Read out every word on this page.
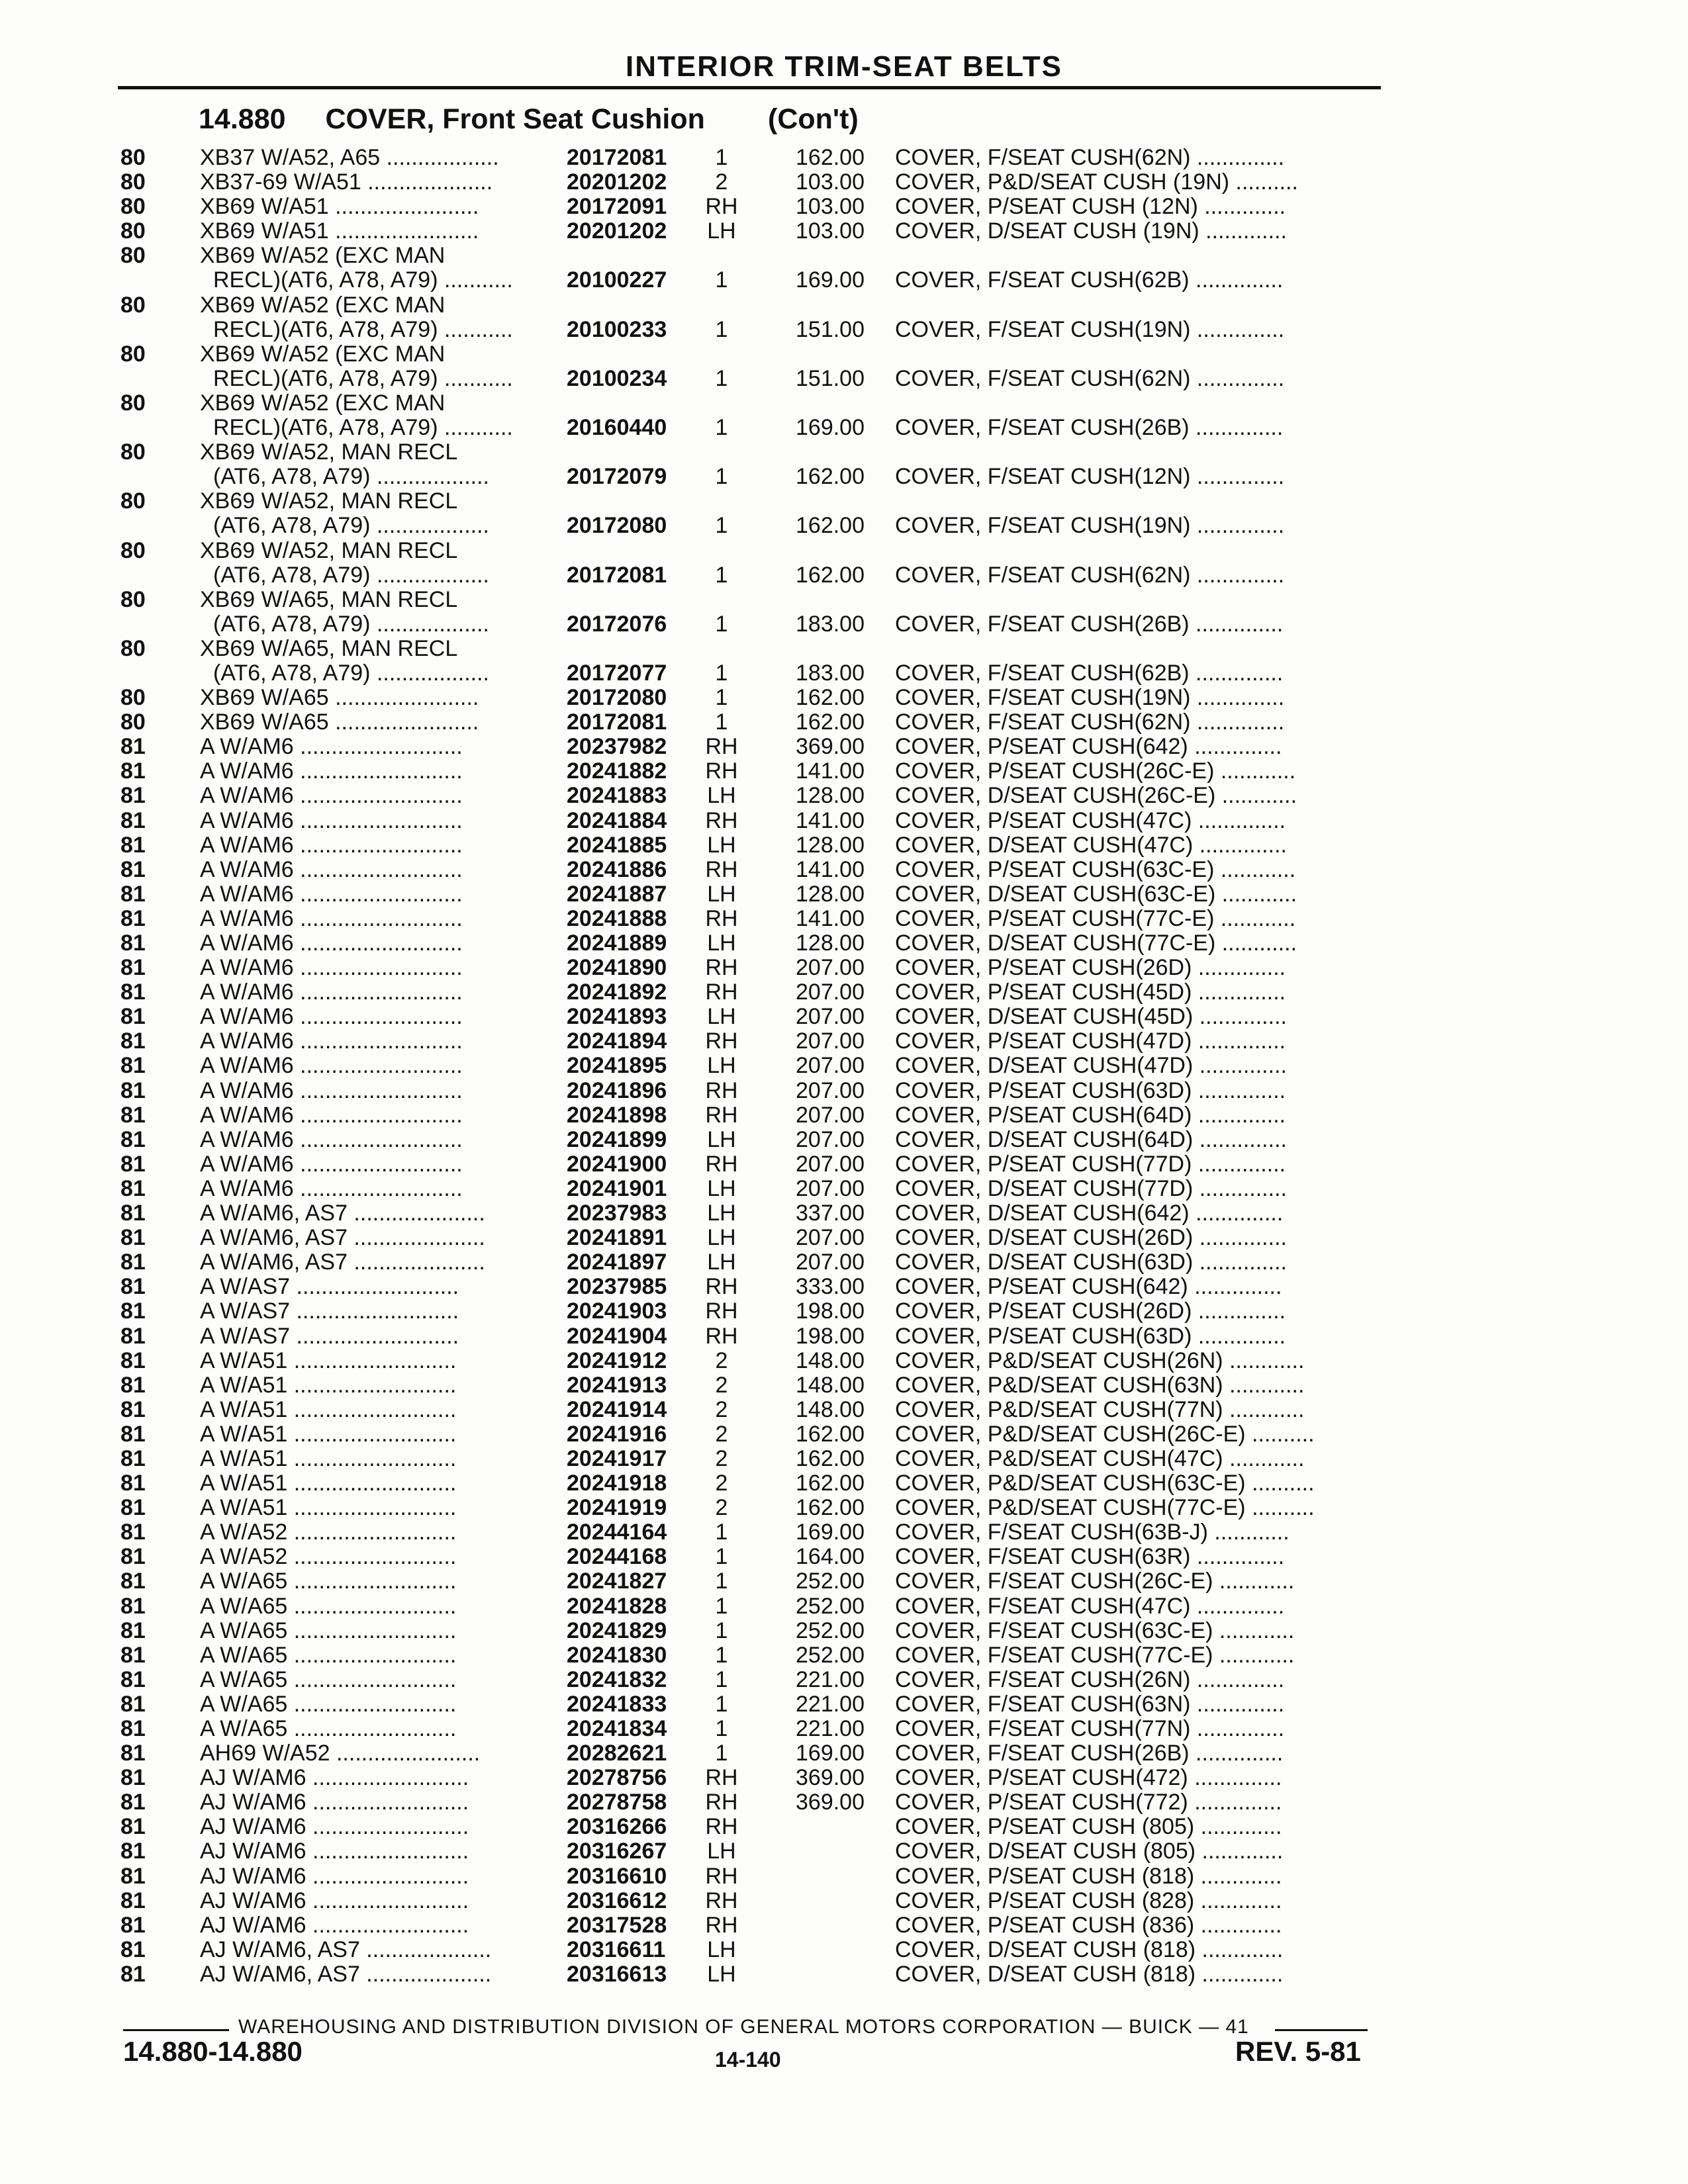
INTERIOR TRIM-SEAT BELTS
14.880 COVER, Front Seat Cushion (Con't)
80 XB37 W/A52, A65 ..................	20172081	1	162.00 COVER, F/SEAT CUSH(62N) ..............
80 XB37-69 W/A51 ....................	20201202	2	103.00 COVER, P&D/SEAT CUSH (19N) ..........
80 XB69 W/A51 .......................	20172091	RH	103.00 COVER, P/SEAT CUSH (12N) .............
80 XB69 W/A51 .......................	20201202	LH	103.00 COVER, D/SEAT CUSH (19N) .............
80 XB69 W/A52 (EXC MAN
RECL)(AT6, A78, A79) ...........	20100227	1	169.00 COVER, F/SEAT CUSH(62B) ..............
80 XB69 W/A52 (EXC MAN
RECL)(AT6, A78, A79) ...........	20100233	1	151.00 COVER, F/SEAT CUSH(19N) ..............
80 XB69 W/A52 (EXC MAN
RECL)(AT6, A78, A79) ...........	20100234	1	151.00 COVER, F/SEAT CUSH(62N) ..............
80 XB69 W/A52 (EXC MAN
RECL)(AT6, A78, A79) ...........	20160440	1	169.00 COVER, F/SEAT CUSH(26B) ..............
80 XB69 W/A52, MAN RECL
(AT6, A78, A79) ..................	20172079	1	162.00 COVER, F/SEAT CUSH(12N) ..............
80 XB69 W/A52, MAN RECL
(AT6, A78, A79) ..................	20172080	1	162.00 COVER, F/SEAT CUSH(19N) ..............
80 XB69 W/A52, MAN RECL
(AT6, A78, A79) ..................	20172081	1	162.00 COVER, F/SEAT CUSH(62N) ..............
80 XB69 W/A65, MAN RECL
(AT6, A78, A79) ..................	20172076	1	183.00 COVER, F/SEAT CUSH(26B) ..............
80 XB69 W/A65, MAN RECL
(AT6, A78, A79) ..................	20172077	1	183.00 COVER, F/SEAT CUSH(62B) ..............
80 XB69 W/A65 .......................	20172080	1	162.00 COVER, F/SEAT CUSH(19N) ..............
80 XB69 W/A65 .......................	20172081	1	162.00 COVER, F/SEAT CUSH(62N) ..............
81 A W/AM6 ..........................	20237982	RH	369.00 COVER, P/SEAT CUSH(642) ..............
81 A W/AM6 ..........................	20241882	RH	141.00 COVER, P/SEAT CUSH(26C-E) ............
81 A W/AM6 ..........................	20241883	LH	128.00 COVER, D/SEAT CUSH(26C-E) ............
81 A W/AM6 ..........................	20241884	RH	141.00 COVER, P/SEAT CUSH(47C) ..............
81 A W/AM6 ..........................	20241885	LH	128.00 COVER, D/SEAT CUSH(47C) ..............
81 A W/AM6 ..........................	20241886	RH	141.00 COVER, P/SEAT CUSH(63C-E) ............
81 A W/AM6 ..........................	20241887	LH	128.00 COVER, D/SEAT CUSH(63C-E) ............
81 A W/AM6 ..........................	20241888	RH	141.00 COVER, P/SEAT CUSH(77C-E) ............
81 A W/AM6 ..........................	20241889	LH	128.00 COVER, D/SEAT CUSH(77C-E) ............
81 A W/AM6 ..........................	20241890	RH	207.00 COVER, P/SEAT CUSH(26D) ..............
81 A W/AM6 ..........................	20241892	RH	207.00 COVER, P/SEAT CUSH(45D) ..............
81 A W/AM6 ..........................	20241893	LH	207.00 COVER, D/SEAT CUSH(45D) ..............
81 A W/AM6 ..........................	20241894	RH	207.00 COVER, P/SEAT CUSH(47D) ..............
81 A W/AM6 ..........................	20241895	LH	207.00 COVER, D/SEAT CUSH(47D) ..............
81 A W/AM6 ..........................	20241896	RH	207.00 COVER, P/SEAT CUSH(63D) ..............
81 A W/AM6 ..........................	20241898	RH	207.00 COVER, P/SEAT CUSH(64D) ..............
81 A W/AM6 ..........................	20241899	LH	207.00 COVER, D/SEAT CUSH(64D) ..............
81 A W/AM6 ..........................	20241900	RH	207.00 COVER, P/SEAT CUSH(77D) ..............
81 A W/AM6 ..........................	20241901	LH	207.00 COVER, D/SEAT CUSH(77D) ..............
81 A W/AM6, AS7 .....................	20237983	LH	337.00 COVER, D/SEAT CUSH(642) ..............
81 A W/AM6, AS7 .....................	20241891	LH	207.00 COVER, D/SEAT CUSH(26D) ..............
81 A W/AM6, AS7 .....................	20241897	LH	207.00 COVER, D/SEAT CUSH(63D) ..............
81 A W/AS7 ..........................	20237985	RH	333.00 COVER, P/SEAT CUSH(642) ..............
81 A W/AS7 ..........................	20241903	RH	198.00 COVER, P/SEAT CUSH(26D) ..............
81 A W/AS7 ..........................	20241904	RH	198.00 COVER, P/SEAT CUSH(63D) ..............
81 A W/A51 ..........................	20241912	2	148.00 COVER, P&D/SEAT CUSH(26N) ............
81 A W/A51 ..........................	20241913	2	148.00 COVER, P&D/SEAT CUSH(63N) ............
81 A W/A51 ..........................	20241914	2	148.00 COVER, P&D/SEAT CUSH(77N) ............
81 A W/A51 ..........................	20241916	2	162.00 COVER, P&D/SEAT CUSH(26C-E) ..........
81 A W/A51 ..........................	20241917	2	162.00 COVER, P&D/SEAT CUSH(47C) ............
81 A W/A51 ..........................	20241918	2	162.00 COVER, P&D/SEAT CUSH(63C-E) ..........
81 A W/A51 ..........................	20241919	2	162.00 COVER, P&D/SEAT CUSH(77C-E) ..........
81 A W/A52 ..........................	20244164	1	169.00 COVER, F/SEAT CUSH(63B-J) ............
81 A W/A52 ..........................	20244168	1	164.00 COVER, F/SEAT CUSH(63R) ..............
81 A W/A65 ..........................	20241827	1	252.00 COVER, F/SEAT CUSH(26C-E) ............
81 A W/A65 ..........................	20241828	1	252.00 COVER, F/SEAT CUSH(47C) ..............
81 A W/A65 ..........................	20241829	1	252.00 COVER, F/SEAT CUSH(63C-E) ............
81 A W/A65 ..........................	20241830	1	252.00 COVER, F/SEAT CUSH(77C-E) ............
81 A W/A65 ..........................	20241832	1	221.00 COVER, F/SEAT CUSH(26N) ..............
81 A W/A65 ..........................	20241833	1	221.00 COVER, F/SEAT CUSH(63N) ..............
81 A W/A65 ..........................	20241834	1	221.00 COVER, F/SEAT CUSH(77N) ..............
81 AH69 W/A52 .......................	20282621	1	169.00 COVER, F/SEAT CUSH(26B) ..............
81 AJ W/AM6 .........................	20278756	RH	369.00 COVER, P/SEAT CUSH(472) ..............
81 AJ W/AM6 .........................	20278758	RH	369.00 COVER, P/SEAT CUSH(772) ..............
81 AJ W/AM6 .........................	20316266	RH	COVER, P/SEAT CUSH (805) .............
81 AJ W/AM6 .........................	20316267	LH	COVER, D/SEAT CUSH (805) .............
81 AJ W/AM6 .........................	20316610	RH	COVER, P/SEAT CUSH (818) .............
81 AJ W/AM6 .........................	20316612	RH	COVER, P/SEAT CUSH (828) .............
81 AJ W/AM6 .........................	20317528	RH	COVER, P/SEAT CUSH (836) .............
81 AJ W/AM6, AS7 ....................	20316611	LH	COVER, D/SEAT CUSH (818) .............
81 AJ W/AM6, AS7 ....................	20316613	LH	COVER, D/SEAT CUSH (818) .............
WAREHOUSING AND DISTRIBUTION DIVISION OF GENERAL MOTORS CORPORATION — BUICK — 41
14.880-14.880	14-140	REV. 5-81
